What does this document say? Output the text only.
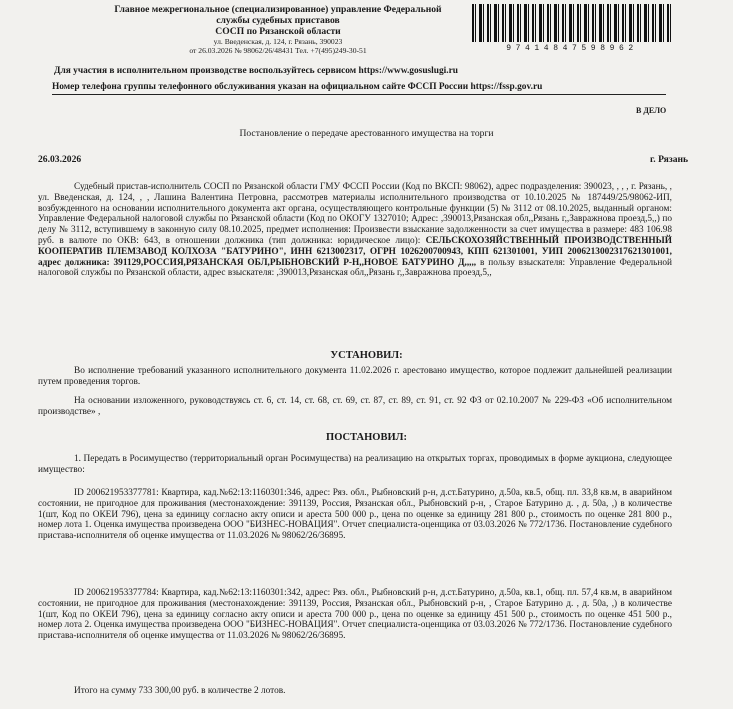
Главное межрегиональное (специализированное) управление Федеральной
службы судебных приставов
СОСП по Рязанской области
ул. Введенская, д. 124, г. Рязань, 390023
от 26.03.2026 № 98062/26/48431 Тел. +7(495)249-30-51	97414847598962
Для участия в исполнительном производстве воспользуйтесь сервисом https://www.gosuslugi.ru
Номер телефона группы телефонного обслуживания указан на официальном сайте ФССП России https://fssp.gov.ru
В ДЕЛО
Постановление о передаче арестованного имущества на торги
26.03.2026	г. Рязань
Судебный пристав-исполнитель СОСП по Рязанской области ГМУ ФССП России (Код по ВКСП: 98062), адрес подразделения: 390023, , , , г. Рязань, , ул. Введенская, д. 124, , , Лашина Валентина Петровна, рассмотрев материалы исполнительного производства от 10.10.2025 № 187449/25/98062-ИП, возбужденного на основании исполнительного документа акт органа, осуществляющего контрольные функции (5) № 3112 от 08.10.2025, выданный органом: Управление Федеральной налоговой службы по Рязанской области (Код по ОКОГУ 1327010; Адрес: ,390013,Рязанская обл,,Рязань г,,Завражнова проезд,5,,) по делу № 3112, вступившему в законную силу 08.10.2025, предмет исполнения: Произвести взыскание задолженности за счет имущества в размере: 483 106.98 руб. в валюте по ОКВ: 643, в отношении должника (тип должника: юридическое лицо): СЕЛЬСКОХОЗЯЙСТВЕННЫЙ ПРОИЗВОДСТВЕННЫЙ КООПЕРАТИВ ПЛЕМЗАВОД КОЛХОЗА "БАТУРИНО", ИНН 6213002317, ОГРН 1026200700943, КПП 621301001, УИП 2006213002317621301001, адрес должника: 391129,РОССИЯ,РЯЗАНСКАЯ ОБЛ,РЫБНОВСКИЙ Р-Н,,НОВОЕ БАТУРИНО Д,,,,, в пользу взыскателя: Управление Федеральной налоговой службы по Рязанской области, адрес взыскателя: ,390013,Рязанская обл,,Рязань г,,Завражнова проезд,5,,
УСТАНОВИЛ:
Во исполнение требований указанного исполнительного документа 11.02.2026 г. арестовано имущество, которое подлежит дальнейшей реализации путем проведения торгов.
На основании изложенного, руководствуясь ст. 6, ст. 14, ст. 68, ст. 69, ст. 87, ст. 89, ст. 91, ст. 92 ФЗ от 02.10.2007 № 229-ФЗ «Об исполнительном производстве» ,
ПОСТАНОВИЛ:
1. Передать в Росимущество (территориальный орган Росимущества) на реализацию на открытых торгах, проводимых в форме аукциона, следующее имущество:
ID 200621953377781: Квартира, кад.№62:13:1160301:346, адрес: Ряз. обл., Рыбновский р-н, д.ст.Батурино, д.50а, кв.5, общ. пл. 33,8 кв.м, в аварийном состоянии, не пригодное для проживания (местонахождение: 391139, Россия, Рязанская обл., Рыбновский р-н, , Старое Батурино д. , д. 50а, ,) в количестве 1(шт, Код по ОКЕИ 796), цена за единицу согласно акту описи и ареста 500 000 р., цена по оценке за единицу 281 800 р., стоимость по оценке 281 800 р., номер лота 1. Оценка имущества произведена ООО "БИЗНЕС-НОВАЦИЯ". Отчет специалиста-оценщика от 03.03.2026 № 772/1736. Постановление судебного пристава-исполнителя об оценке имущества от 11.03.2026 № 98062/26/36895.
ID 200621953377784: Квартира, кад.№62:13:1160301:342, адрес: Ряз. обл., Рыбновский р-н, д.ст.Батурино, д.50а, кв.1, общ. пл. 57,4 кв.м, в аварийном состоянии, не пригодное для проживания (местонахождение: 391139, Россия, Рязанская обл., Рыбновский р-н, , Старое Батурино д. , д. 50а, ,) в количестве 1(шт, Код по ОКЕИ 796), цена за единицу согласно акту описи и ареста 700 000 р., цена по оценке за единицу 451 500 р., стоимость по оценке 451 500 р., номер лота 2. Оценка имущества произведена ООО "БИЗНЕС-НОВАЦИЯ". Отчет специалиста-оценщика от 03.03.2026 № 772/1736. Постановление судебного пристава-исполнителя об оценке имущества от 11.03.2026 № 98062/26/36895.
Итого на сумму 733 300,00 руб. в количестве 2 лотов.
